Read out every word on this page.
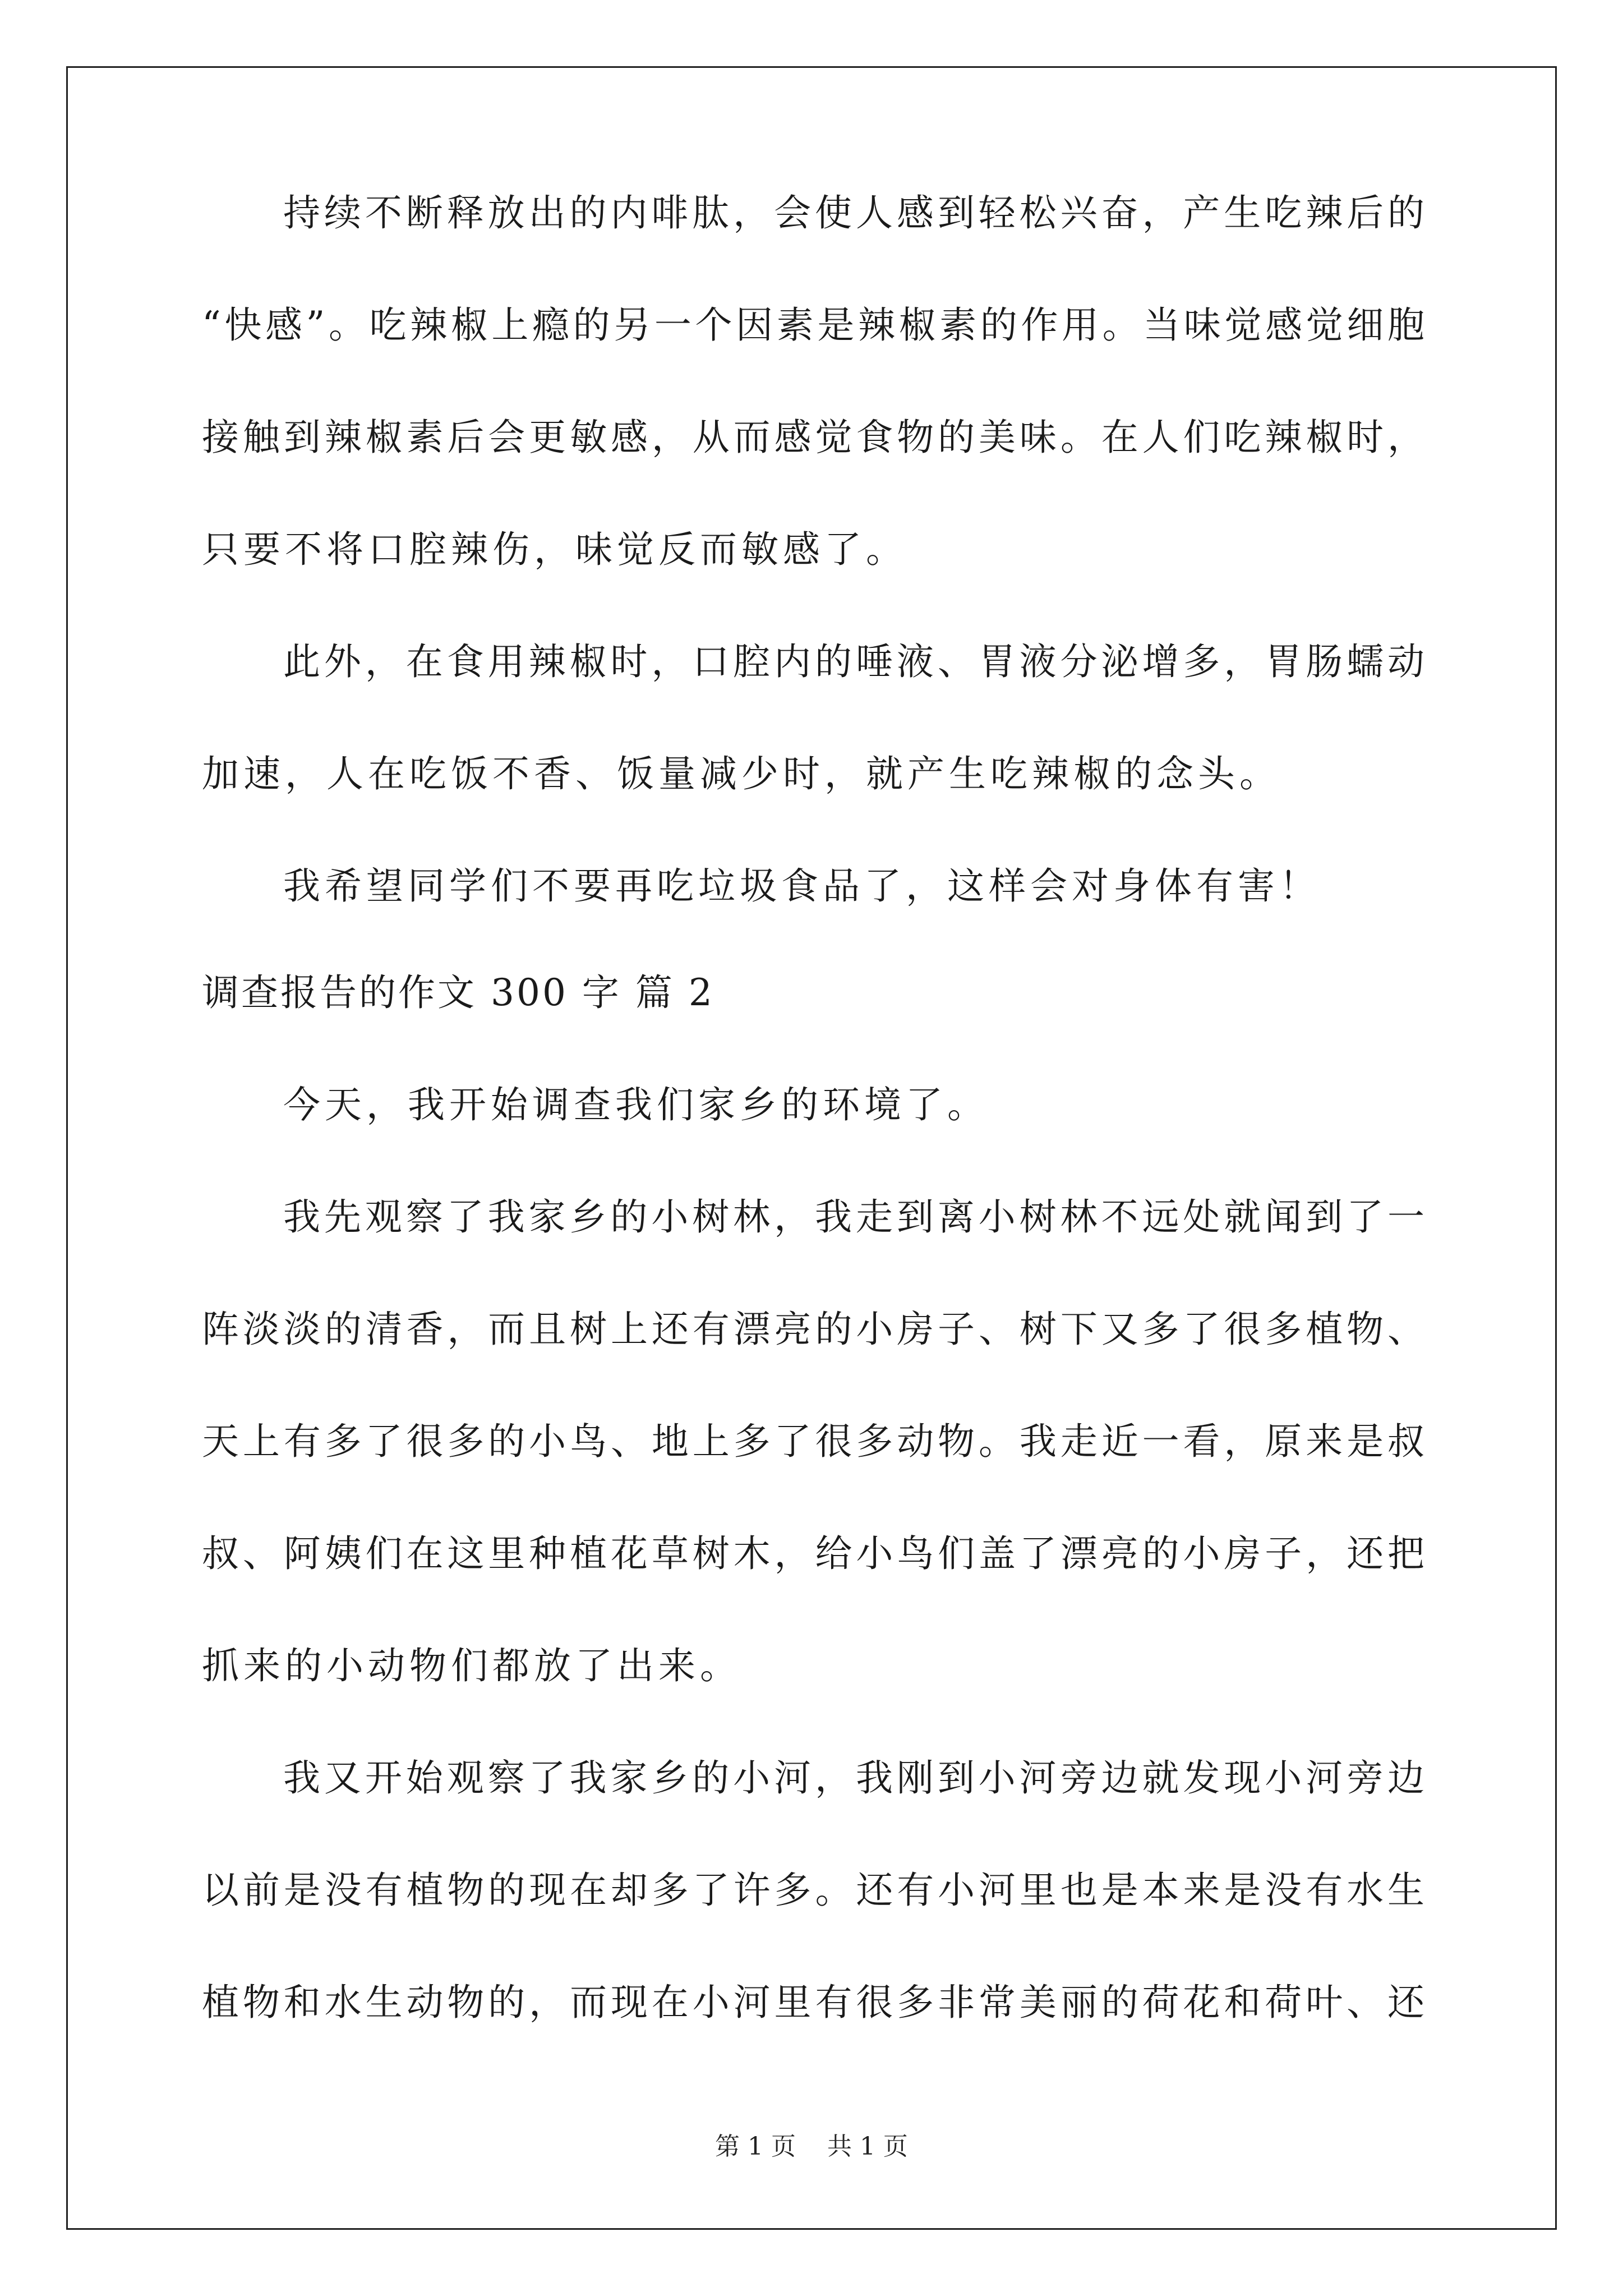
持续不断释放出的内啡肽，会使人感到轻松兴奋，产生吃辣后的
“快感”。吃辣椒上瘾的另一个因素是辣椒素的作用。当味觉感觉细胞
接触到辣椒素后会更敏感，从而感觉食物的美味。在人们吃辣椒时，
只要不将口腔辣伤，味觉反而敏感了。
此外，在食用辣椒时，口腔内的唾液、胃液分泌增多，胃肠蠕动
加速，人在吃饭不香、饭量减少时，就产生吃辣椒的念头。
我希望同学们不要再吃垃圾食品了，这样会对身体有害！
调查报告的作文 300 字 篇 2
今天，我开始调查我们家乡的环境了。
我先观察了我家乡的小树林，我走到离小树林不远处就闻到了一
阵淡淡的清香，而且树上还有漂亮的小房子、树下又多了很多植物、
天上有多了很多的小鸟、地上多了很多动物。我走近一看，原来是叔
叔、阿姨们在这里种植花草树木，给小鸟们盖了漂亮的小房子，还把
抓来的小动物们都放了出来。
我又开始观察了我家乡的小河，我刚到小河旁边就发现小河旁边
以前是没有植物的现在却多了许多。还有小河里也是本来是没有水生
植物和水生动物的，而现在小河里有很多非常美丽的荷花和荷叶、还
第 1 页    共 1 页
